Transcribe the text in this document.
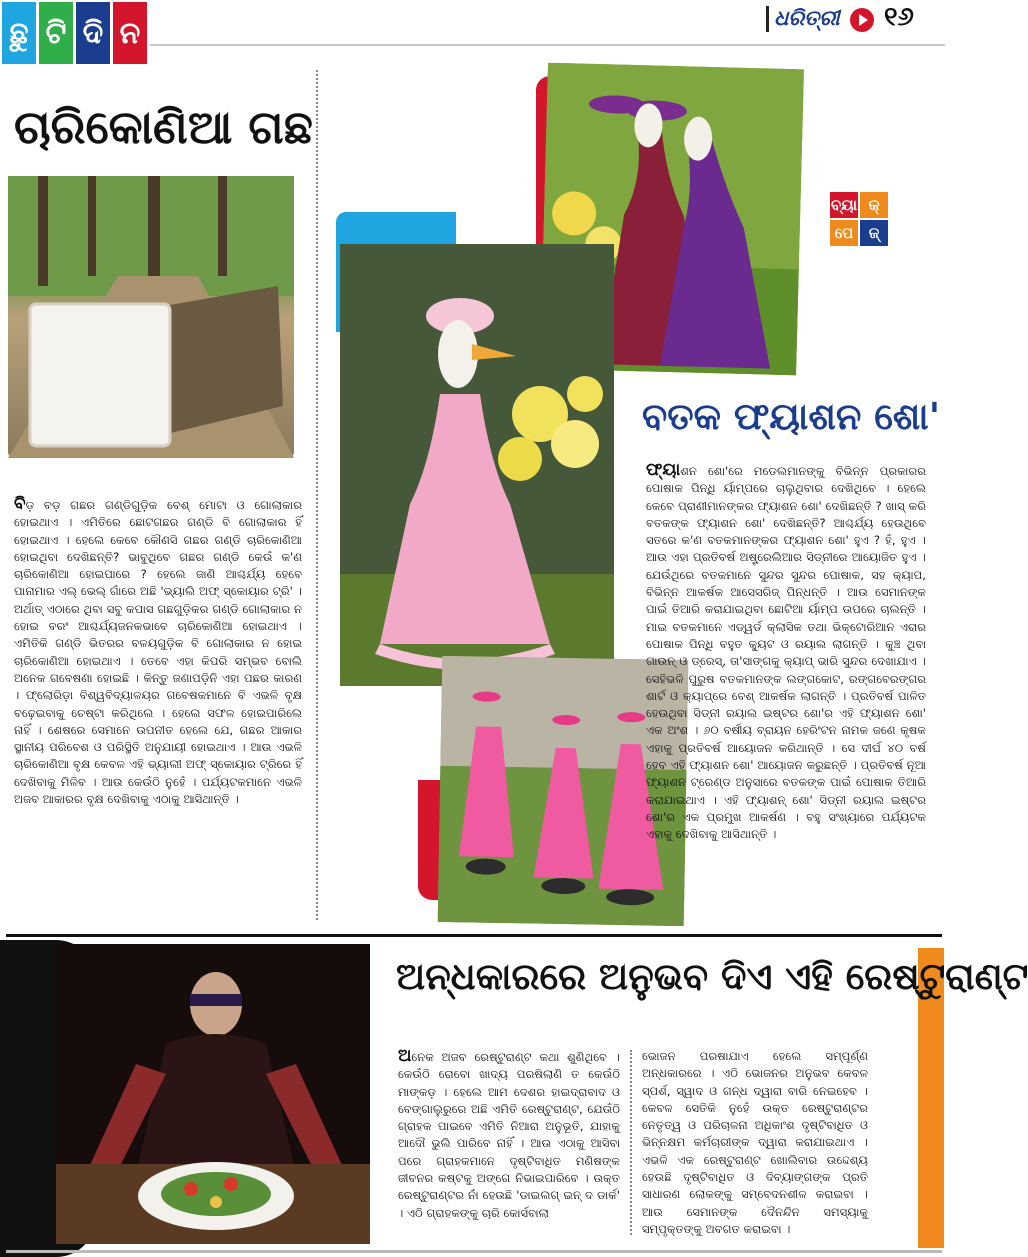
ଛୁ ଟି ଦି ନ	ଧରିତ୍ରୀ ୧୬
ଚାରିକୋଣିଆ ଗଛ
ବିଡ଼ ବଡ଼ ଗଛର ଗଣ୍ଡିଗୁଡ଼ିକ ବେଶ୍ ମୋଟା ଓ ଗୋଲାକାର ହୋଇଥାଏ । ଏମିତିରେ ଛୋଟଗଛର ଗଣ୍ଡି ବି ଗୋଲାକାର ହିଁ ହୋଇଥାଏ । ହେଲେ କେବେ କୌଣସି ଗଛର ଗଣ୍ଡି ଚାରିକୋଣିଆ ହୋଇଥିବା ଦେଖିଛନ୍ତି? ଭାବୁଥିବେ ଗଛର ଗଣ୍ଡି କେଉଁ କ'ଣ ଚାରିକୋଣିଆ ହୋଇପାରେ ? ହେଲେ ଜାଣି ଆଶ୍ଚର୍ଯ୍ୟ ହେବେ ପାନାମାର ଏଲ୍ ଭେଲ୍ ଗାଁରେ ଅଛି 'ଭ୍ୟାଲି ଅଫ୍ ସ୍କୋୟାର ଟ୍ରି' । ଅର୍ଥାତ୍ ଏଠାରେ ଥିବା ସବୁ କପାସ ଗଛଗୁଡ଼ିକର ଗଣ୍ଡି ଗୋଲାକାର ନ ହୋଇ ବରଂ ଆଶ୍ଚର୍ଯ୍ୟଜନକଭାବେ ଚାରିକୋଣିଆ ହୋଇଥାଏ । ଏମିତିକି ଗଣ୍ଡି ଭିତରର ବଳୟଗୁଡ଼ିକ ବି ଗୋଲାକାର ନ ହୋଇ ଚାରିକୋଣିଆ ହୋଇଥାଏ । ତେବେ ଏହା କିପରି ସମ୍ଭବ ବୋଲି ଅନେକ ଗବେଷଣା ହୋଇଛି । କିନ୍ତୁ ଜଣାପଡ଼ିନି ଏହା ପଛର କାରଣ । ଫ୍ଲୋରିଡ଼ା ବିଶ୍ୱବିଦ୍ୟାଳୟର ଗବେଷକମାନେ ବି ଏଭଳି ବୃକ୍ଷ ବଢ଼େଇବାକୁ ଚେଷ୍ଟା କରିଥିଲେ । ହେଲେ ସଫଳ ହୋଇପାରିଲେ ନାହିଁ । ଶେଷରେ ସେମାନେ ଉପନୀତ ହେଲେ ଯେ, ଗଛର ଆକାର ସ୍ଥାନୀୟ ପରିବେଶ ଓ ପରିସ୍ଥିତି ଅନୁଯାୟୀ ହୋଇଥାଏ । ଆଉ ଏଭଳି ଚାରିକୋଣିଆ ବୃକ୍ଷ କେବଳ ଏହି ଭ୍ୟାଲୀ ଅଫ୍ ସ୍କୋୟାର ଟ୍ରିରେ ହିଁ ଦେଖିବାକୁ ମିଳିବ । ଆଉ କେଉଁଠି ନୁହେଁ । ପର୍ଯ୍ୟଟକମାନେ ଏଭଳି ଅଜବ ଆକାରର ବୃକ୍ଷ ଦେଖିବାକୁ ଏଠାକୁ ଆସିଥାନ୍ତି ।
ବ୍ୟା କ୍
ପେ	ଜ୍
ବତକ ଫ୍ୟାଶନ ଶୋ'
ଫ୍ୟାଶନ ଶୋ'ରେ ମଡେଲମାନଙ୍କୁ ବିଭିନ୍ନ ପ୍ରକାରର ପୋଷାକ ପିନ୍ଧି ର୍ୟାମ୍ପରେ ଚାଲୁଥିବାର ଦେଖିଥିବେ । ହେଲେ କେବେ ପ୍ରାଣୀମାନଙ୍କର ଫ୍ୟାଶନ ଶୋ' ଦେଖିଛନ୍ତି ? ଖାସ୍ କରି ବତକଙ୍କ ଫ୍ୟାଶନ ଶୋ' ଦେଖିଛନ୍ତି? ଆଶ୍ଚର୍ଯ୍ୟ ହେଉଥିବେ ସତରେ କ'ଣ ବତକମାନଙ୍କର ଫ୍ୟାଶନ ଶୋ' ହୁଏ ? ହଁ, ହୁଏ । ଆଉ ଏହା ପ୍ରତିବର୍ଷ ଅଷ୍ଟ୍ରେଲିଆର ସିଡ୍‌ନୀରେ ଆୟୋଜିତ ହୁଏ । ଯେଉଁଥିରେ ବତକମାନେ ସୁନ୍ଦର ସୁନ୍ଦର ପୋଷାକ, ସହ କ୍ୟାପ, ବିଭିନ୍ନ ଆକର୍ଷକ ଆସେସରିଜ୍ ପିନ୍ଧନ୍ତି । ଆଉ ସେମାନଙ୍କ ପାଇଁ ତିଆରି କରାଯାଇଥିବା ଛୋଟିଆ ର୍ୟାମ୍ପ ଉପରେ ଚାଲନ୍ତି । ମାଇ ବତକମାନେ ଏଡ୍‌ୱର୍ଡ କ୍ଲାସିକ ତଥା ଭିକ୍ଟୋରିଆନ ଏରାର ପୋଷାକ ପିନ୍ଧି ବହୁତ କ୍ୟୁଟ ଓ ରୟାଲ ଲାଗନ୍ତି । କୁଞ୍ଚ ଥିବା ଗାଉନ୍ ଓ ଡ୍ରେସ୍, ତା'ସାଙ୍ଗକୁ କ୍ୟାପ୍ ଭାରି ସୁନ୍ଦର ଦେଖାଯାଏ । ସେହିଭଳି ପୁରୁଷ ବତକମାନଙ୍କ ଲଙ୍ଗକୋଟ, ରଙ୍ଗବେରଙ୍ଗର ଶାର୍ଟ ଓ କ୍ୟାପ୍‌ରେ ବେଶ୍ ଆକର୍ଷକ ଲାଗନ୍ତି । ପ୍ରତିବର୍ଷ ପାଳିତ ହେଉଥିବା ସିଡ୍‌ନୀ ରୟାଲ ଇଷ୍ଟର ଶୋ'ର ଏହି ଫ୍ୟାଶନ ଶୋ' ଏକ ଅଂଶ । ୬୦ ବର୍ଷୀୟ ବ୍ରାୟନ ହେରିଂଟନ ନାମକ ଜଣେ କୃଷକ ଏହାକୁ ପ୍ରତିବର୍ଷ ଆୟୋଜନ କରିଥାନ୍ତି । ସେ ଦୀର୍ଘ ୪୦ ବର୍ଷ ହେବ ଏହି ଫ୍ୟାଶନ ଶୋ' ଆୟୋଜନ କରୁଛନ୍ତି । ପ୍ରତିବର୍ଷ ନୂଆ ଫ୍ୟାଶନ ଟ୍ରେଣ୍ଡ ଅନୁସାରେ ବତକଙ୍କ ପାଇଁ ପୋଷାକ ତିଆରି କରାଯାଇଥାଏ । ଏହି ଫ୍ୟାଶନ୍ ଶୋ' ସିଡ୍‌ନୀ ରୟାଲ ଇଷ୍ଟର ଶୋ'ର ଏକ ପ୍ରମୁଖ ଆକର୍ଷଣ । ବହୁ ସଂଖ୍ୟାରେ ପର୍ଯ୍ୟଟକ ଏହାକୁ ଦେଖିବାକୁ ଆସିଥାନ୍ତି ।
ଅନ୍ଧକାରରେ ଅନୁଭବ ଦିଏ ଏହି ରେଷ୍ଟୁରାଣ୍ଟ
ଅନେକ ଅଜବ ରେଷ୍ଟୁରାଣ୍ଟ କଥା ଶୁଣିଥିବେ । କେଉଁଠି ରୋବୋ ଖାଦ୍ୟ ପରଷିଲାଣି ତ କେଉଁଠି ମାଙ୍କଡ଼ । ହେଲେ ଆମ ଦେଶର ହାଇଦ୍ରାବାଦ ଓ ବେଙ୍ଗାଲୁରୁରେ ଅଛି ଏମିତି ରେଷ୍ଟୁରାଣ୍ଟ, ଯେଉଁଠି ଗ୍ରାହକ ପାଇବେ ଏମିତି ନିଆରା ଅନୁଭୂତି, ଯାହାକୁ ଆଦୌ ଭୁଲି ପାରିବେ ନାହିଁ । ଆଉ ଏଠାକୁ ଆସିବା ପରେ ଗ୍ରାହକମାନେ ଦୃଷ୍ଟିବାଧିତ ମଣିଷଙ୍କ ଜୀବନର କଷ୍ଟକୁ ଅଙ୍ଗେ ନିଭାଇପାରିବେ । ଉକ୍ତ ରେଷ୍ଟୁରାଣ୍ଟର ନାଁ ହେଉଛି 'ଡାଇଲଗ୍ ଇନ୍ ଦ ଡାର୍କ' । ଏଠି ଗ୍ରାହକଙ୍କୁ ଚାରି କୋର୍ସବାଲା
ଭୋଜନ ପରଷାଯାଏ ହେଲେ ସମ୍ପୂର୍ଣ୍ଣ ଅନ୍ଧକାରରେ । ଏଠି ଭୋଜନର ଅନୁଭବ କେବଳ ସ୍ପର୍ଶ, ସ୍ୱାଦ ଓ ଗନ୍ଧ ଦ୍ୱାରା ବାରି ନେଇହେବ । କେବଳ ସେତିକି ନୁହେଁ ଉକ୍ତ ରେଷ୍ଟୁରାଣ୍ଟର ନେତୃତ୍ୱ ଓ ପରିଚାଳନା ଅଧିକାଂଶ ଦୃଷ୍ଟିବାଧିତ ଓ ଭିନ୍ନକ୍ଷମ କର୍ମଚାରୀଙ୍କ ଦ୍ୱାରା କରାଯାଇଥାଏ । ଏଭଳି ଏକ ରେଷ୍ଟୁରାଣ୍ଟ ଖୋଲିବାର ଉଦ୍ଦେଶ୍ୟ ହେଉଛି ଦୃଷ୍ଟିବାଧିତ ଓ ଦିବ୍ୟାଙ୍ଗଙ୍କ ପ୍ରତି ସାଧାରଣ ଲୋକଙ୍କୁ ସମ୍ବେଦନଶୀଳ କରାଇବା । ଆଉ ସେମାନଙ୍କ ଦୈନନ୍ଦିନ ସମସ୍ୟାକୁ ସମ୍ପୃକ୍ତଙ୍କୁ ଅବଗତ କରାଇବା ।
